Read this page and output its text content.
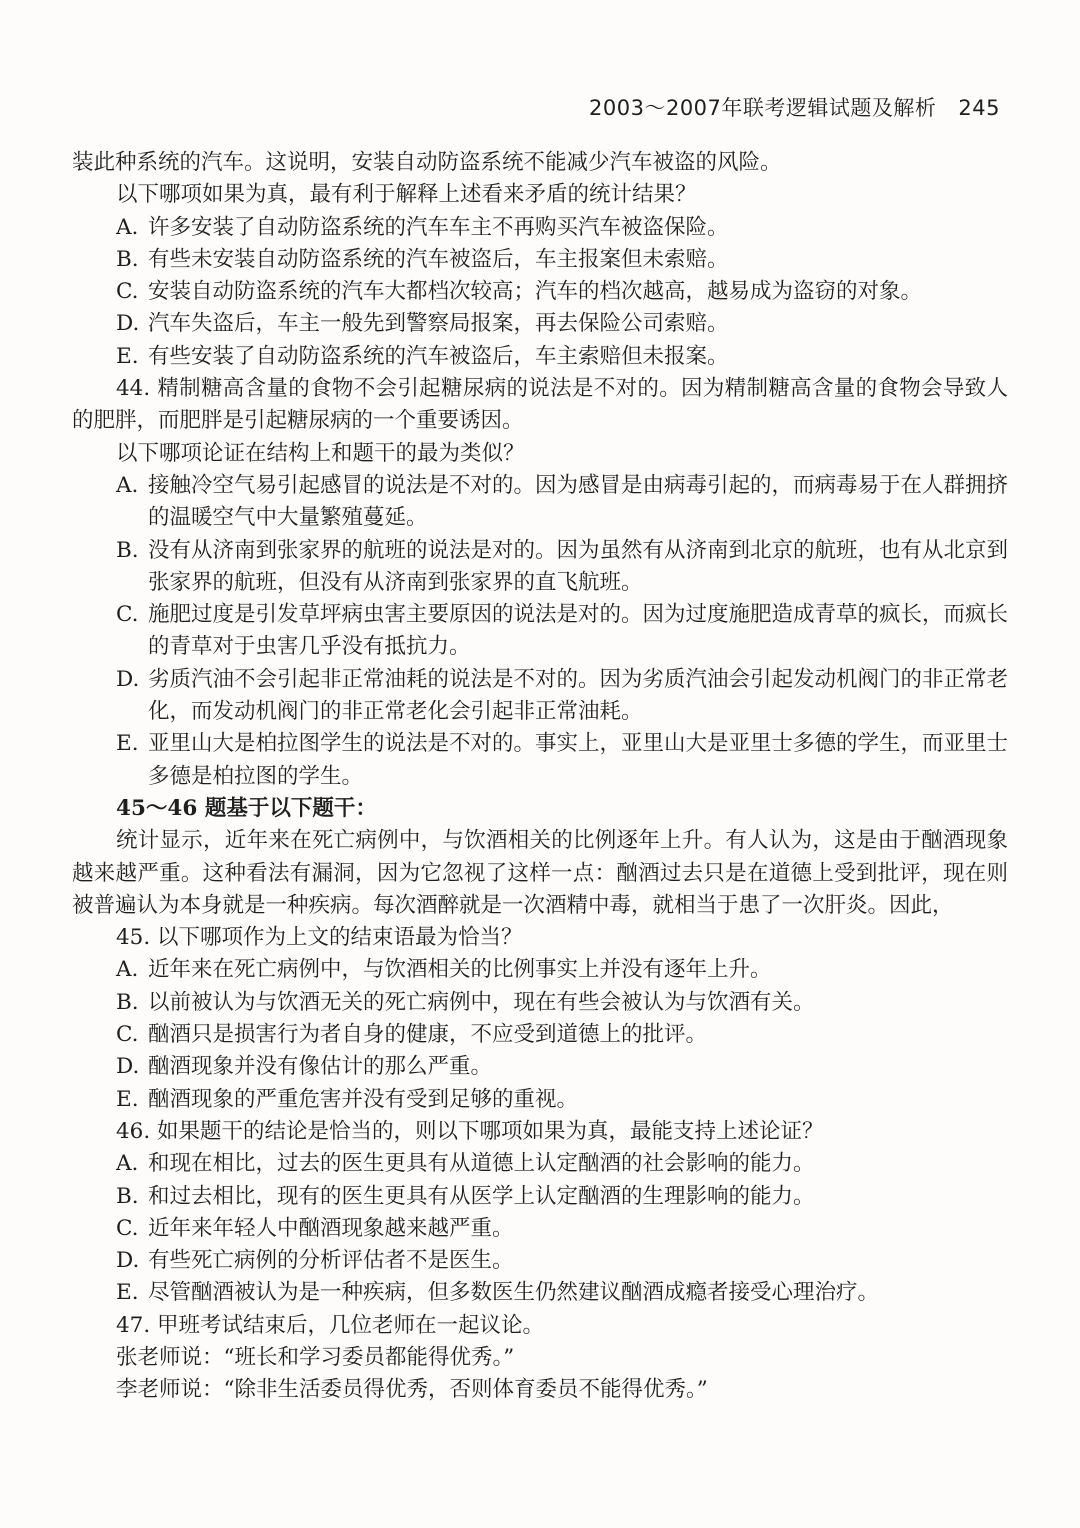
2003～2007年联考逻辑试题及解析 245

装此种系统的汽车。这说明，安装自动防盗系统不能减少汽车被盗的风险。

以下哪项如果为真，最有利于解释上述看来矛盾的统计结果？

A. 许多安装了自动防盗系统的汽车车主不再购买汽车被盗保险。
B. 有些未安装自动防盗系统的汽车被盗后，车主报案但未索赔。
C. 安装自动防盗系统的汽车大都档次较高；汽车的档次越高，越易成为盗窃的对象。
D. 汽车失盗后，车主一般先到警察局报案，再去保险公司索赔。
E. 有些安装了自动防盗系统的汽车被盗后，车主索赔但未报案。

44. 精制糖高含量的食物不会引起糖尿病的说法是不对的。因为精制糖高含量的食物会导致人的肥胖，而肥胖是引起糖尿病的一个重要诱因。

以下哪项论证在结构上和题干的最为类似？

A. 接触冷空气易引起感冒的说法是不对的。因为感冒是由病毒引起的，而病毒易于在人群拥挤的温暖空气中大量繁殖蔓延。
B. 没有从济南到张家界的航班的说法是对的。因为虽然有从济南到北京的航班，也有从北京到张家界的航班，但没有从济南到张家界的直飞航班。
C. 施肥过度是引发草坪病虫害主要原因的说法是对的。因为过度施肥造成青草的疯长，而疯长的青草对于虫害几乎没有抵抗力。
D. 劣质汽油不会引起非正常油耗的说法是不对的。因为劣质汽油会引起发动机阀门的非正常老化，而发动机阀门的非正常老化会引起非正常油耗。
E. 亚里山大是柏拉图学生的说法是不对的。事实上，亚里山大是亚里士多德的学生，而亚里士多德是柏拉图的学生。

45～46 题基于以下题干：

统计显示，近年来在死亡病例中，与饮酒相关的比例逐年上升。有人认为，这是由于酗酒现象越来越严重。这种看法有漏洞，因为它忽视了这样一点：酗酒过去只是在道德上受到批评，现在则被普遍认为本身就是一种疾病。每次酒醉就是一次酒精中毒，就相当于患了一次肝炎。因此，

45. 以下哪项作为上文的结束语最为恰当？

A. 近年来在死亡病例中，与饮酒相关的比例事实上并没有逐年上升。
B. 以前被认为与饮酒无关的死亡病例中，现在有些会被认为与饮酒有关。
C. 酗酒只是损害行为者自身的健康，不应受到道德上的批评。
D. 酗酒现象并没有像估计的那么严重。
E. 酗酒现象的严重危害并没有受到足够的重视。

46. 如果题干的结论是恰当的，则以下哪项如果为真，最能支持上述论证？

A. 和现在相比，过去的医生更具有从道德上认定酗酒的社会影响的能力。
B. 和过去相比，现有的医生更具有从医学上认定酗酒的生理影响的能力。
C. 近年来年轻人中酗酒现象越来越严重。
D. 有些死亡病例的分析评估者不是医生。
E. 尽管酗酒被认为是一种疾病，但多数医生仍然建议酗酒成瘾者接受心理治疗。

47. 甲班考试结束后，几位老师在一起议论。

张老师说：“班长和学习委员都能得优秀。”

李老师说：“除非生活委员得优秀，否则体育委员不能得优秀。”
